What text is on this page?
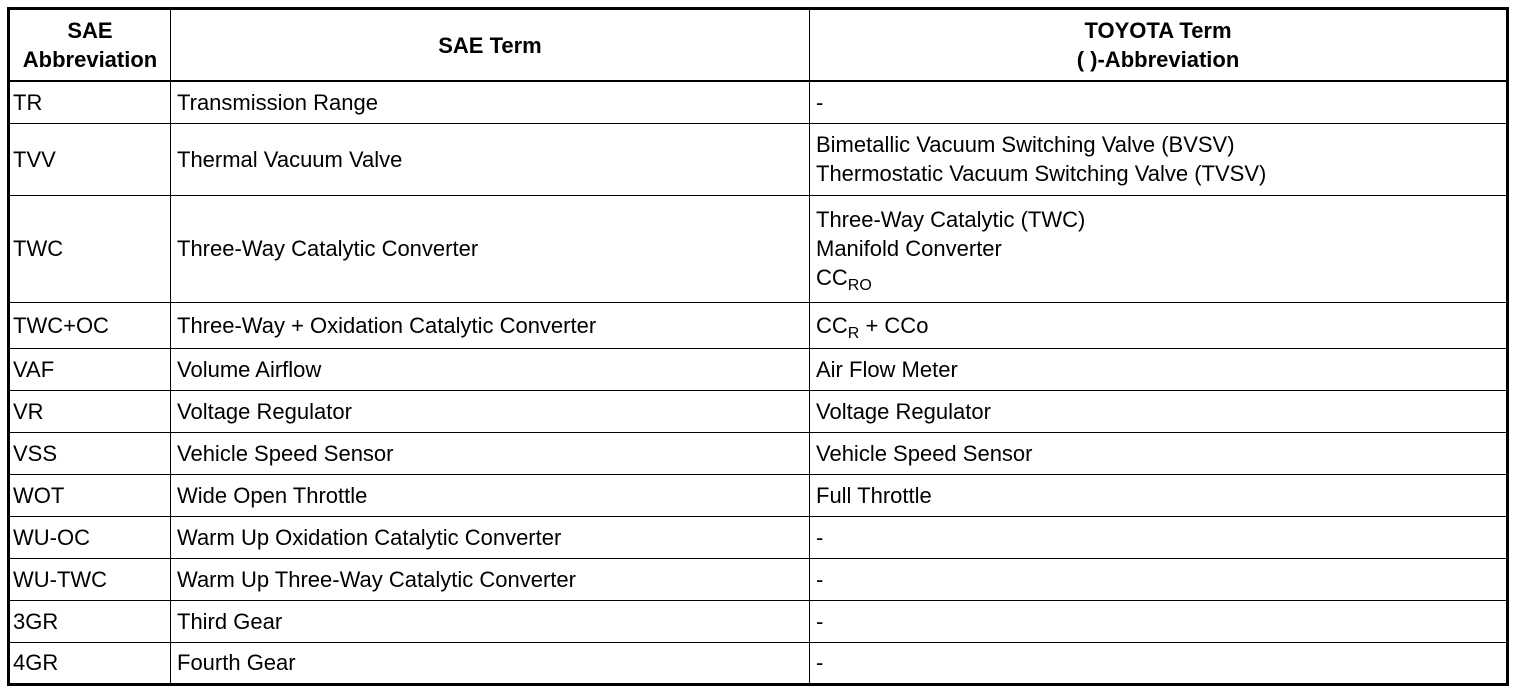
SAE
Abbreviation	SAE Term	TOYOTA Term
( )-Abbreviation

TR	Transmission Range	-
TVV	Thermal Vacuum Valve	Bimetallic Vacuum Switching Valve (BVSV)
Thermostatic Vacuum Switching Valve (TVSV)

TWC	Three-Way Catalytic Converter	Three-Way Catalytic (TWC)
Manifold Converter
$CC_{RO}$

TWC+OC	Three-Way + Oxidation Catalytic Converter	$CC_R$ + CCo
VAF	Volume Airflow	Air Flow Meter
VR	Voltage Regulator	Voltage Regulator
VSS	Vehicle Speed Sensor	Vehicle Speed Sensor
WOT	Wide Open Throttle	Full Throttle
WU-OC	Warm Up Oxidation Catalytic Converter	-
WU-TWC	Warm Up Three-Way Catalytic Converter	-
3GR	Third Gear	-
4GR	Fourth Gear	-
